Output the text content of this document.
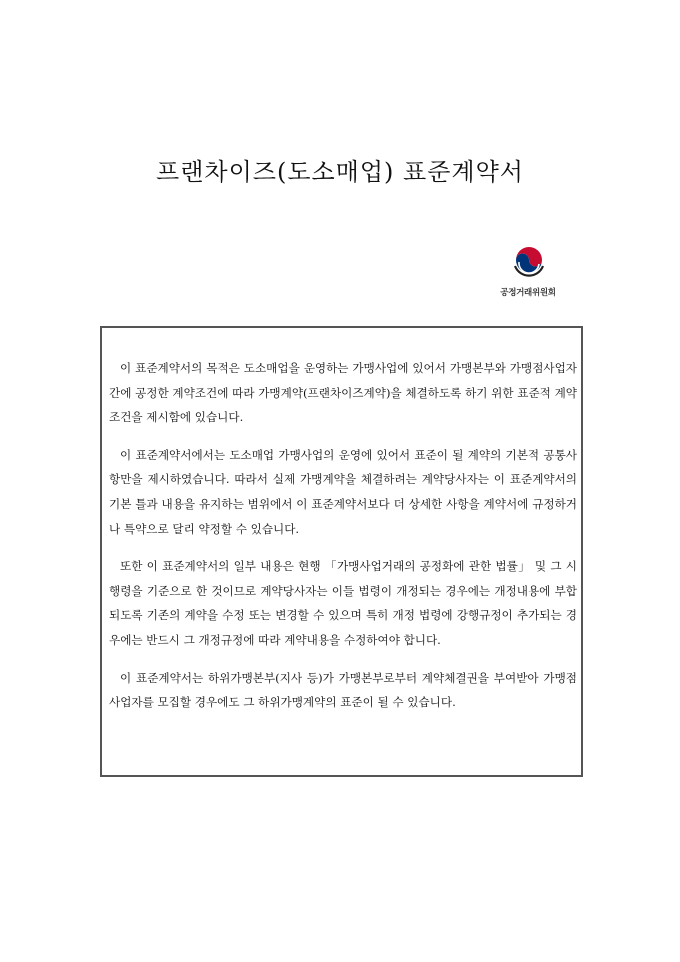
프랜차이즈(도소매업) 표준계약서
공정거래위원회

이 표준계약서의 목적은 도소매업을 운영하는 가맹사업에 있어서 가맹본부와 가맹점사업자 간에 공정한 계약조건에 따라 가맹계약(프랜차이즈계약)을 체결하도록 하기 위한 표준적 계약조건을 제시함에 있습니다.

이 표준계약서에서는 도소매업 가맹사업의 운영에 있어서 표준이 될 계약의 기본적 공통사항만을 제시하였습니다. 따라서 실제 가맹계약을 체결하려는 계약당사자는 이 표준계약서의 기본 틀과 내용을 유지하는 범위에서 이 표준계약서보다 더 상세한 사항을 계약서에 규정하거나 특약으로 달리 약정할 수 있습니다.

또한 이 표준계약서의 일부 내용은 현행 「가맹사업거래의 공정화에 관한 법률」 및 그 시행령을 기준으로 한 것이므로 계약당사자는 이들 법령이 개정되는 경우에는 개정내용에 부합되도록 기존의 계약을 수정 또는 변경할 수 있으며 특히 개정 법령에 강행규정이 추가되는 경우에는 반드시 그 개정규정에 따라 계약내용을 수정하여야 합니다.

이 표준계약서는 하위가맹본부(지사 등)가 가맹본부로부터 계약체결권을 부여받아 가맹점사업자를 모집할 경우에도 그 하위가맹계약의 표준이 될 수 있습니다.
